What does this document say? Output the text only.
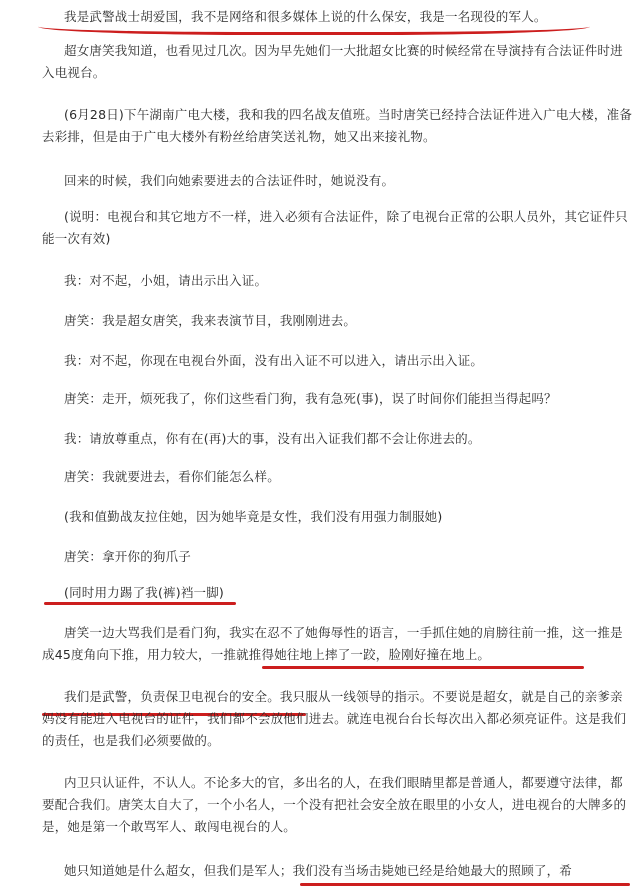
我是武警战士胡爱国，我不是网络和很多媒体上说的什么保安，我是一名现役的军人。

超女唐笑我知道，也看见过几次。因为早先她们一大批超女比赛的时候经常在导演持有合法证件时进入电视台。

(6月28日)下午湖南广电大楼，我和我的四名战友值班。当时唐笑已经持合法证件进入广电大楼，准备去彩排，但是由于广电大楼外有粉丝给唐笑送礼物，她又出来接礼物。

回来的时候，我们向她索要进去的合法证件时，她说没有。

(说明：电视台和其它地方不一样，进入必须有合法证件，除了电视台正常的公职人员外，其它证件只能一次有效)

我：对不起，小姐，请出示出入证。

唐笑：我是超女唐笑，我来表演节目，我刚刚进去。

我：对不起，你现在电视台外面，没有出入证不可以进入，请出示出入证。

唐笑：走开，烦死我了，你们这些看门狗，我有急死(事)，误了时间你们能担当得起吗？

我：请放尊重点，你有在(再)大的事，没有出入证我们都不会让你进去的。

唐笑：我就要进去，看你们能怎么样。

(我和值勤战友拉住她，因为她毕竟是女性，我们没有用强力制服她)

唐笑：拿开你的狗爪子

(同时用力踢了我(裤)裆一脚)

唐笑一边大骂我们是看门狗，我实在忍不了她侮辱性的语言，一手抓住她的肩膀往前一推，这一推是成45度角向下推，用力较大，一推就推得她往地上摔了一跤，脸刚好撞在地上。

我们是武警，负责保卫电视台的安全。我只服从一线领导的指示。不要说是超女，就是自己的亲爹亲妈没有能进入电视台的证件，我们都不会放他们进去。就连电视台台长每次出入都必须亮证件。这是我们的责任，也是我们必须要做的。

内卫只认证件，不认人。不论多大的官，多出名的人，在我们眼睛里都是普通人，都要遵守法律，都要配合我们。唐笑太自大了，一个小名人，一个没有把社会安全放在眼里的小女人，进电视台的大牌多的是，她是第一个敢骂军人、敢闯电视台的人。

她只知道她是什么超女，但我们是军人；我们没有当场击毙她已经是给她最大的照顾了，希
